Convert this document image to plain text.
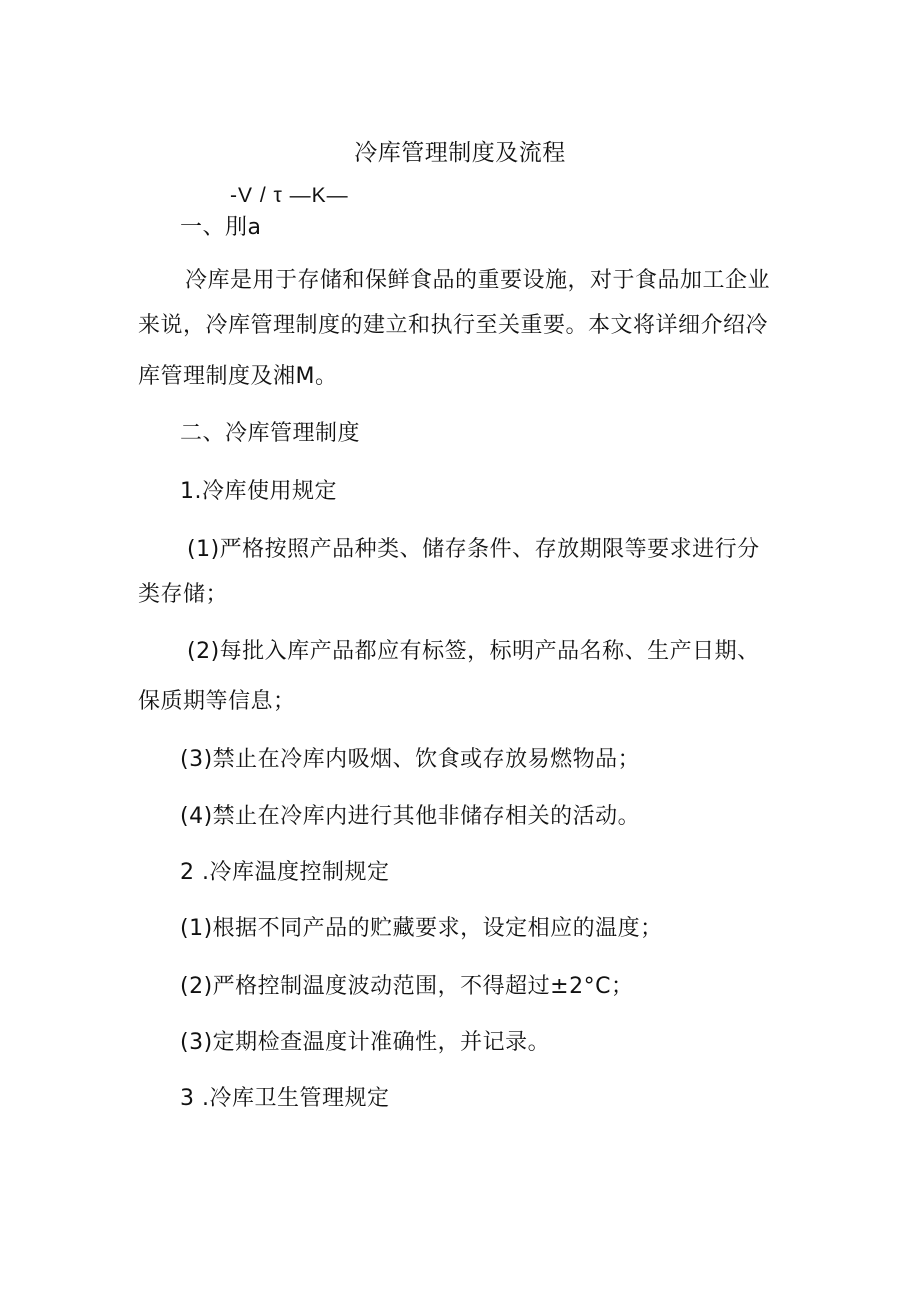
冷库管理制度及流程
-V / τ —K—
一、刖a
冷库是用于存储和保鲜食品的重要设施，对于食品加工企业
来说，冷库管理制度的建立和执行至关重要。本文将详细介绍冷
库管理制度及湘M。
二、冷库管理制度
1.冷库使用规定
(1)严格按照产品种类、储存条件、存放期限等要求进行分
类存储；
(2)每批入库产品都应有标签，标明产品名称、生产日期、
保质期等信息；
(3)禁止在冷库内吸烟、饮食或存放易燃物品；
(4)禁止在冷库内进行其他非储存相关的活动。
2 .冷库温度控制规定
(1)根据不同产品的贮藏要求，设定相应的温度；
(2)严格控制温度波动范围，不得超过±2°C；
(3)定期检查温度计准确性，并记录。
3 .冷库卫生管理规定
